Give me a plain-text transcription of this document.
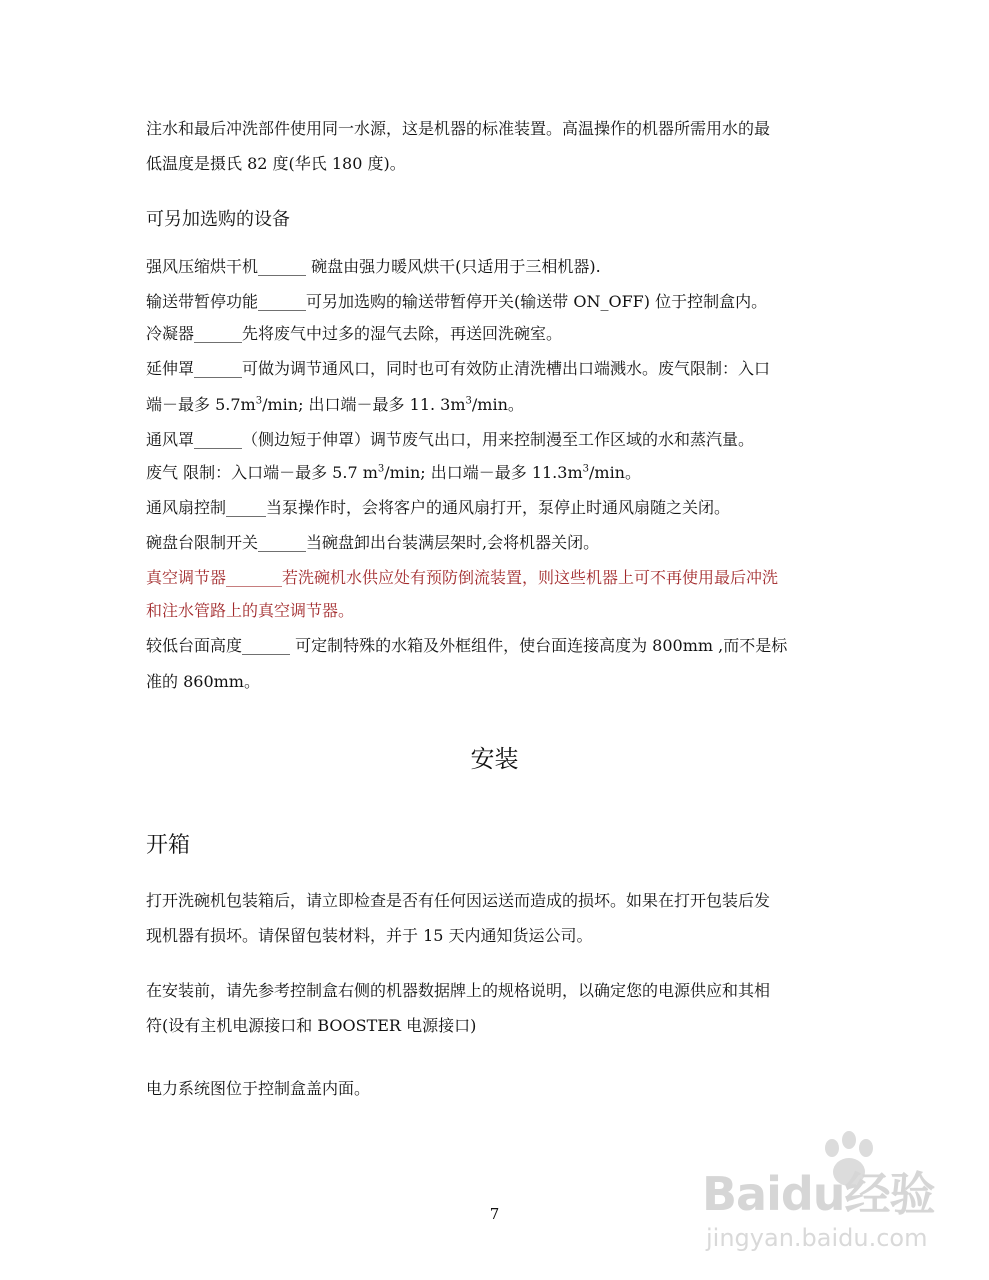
注水和最后冲洗部件使用同一水源，这是机器的标准装置。高温操作的机器所需用水的最
低温度是摄氏 82 度(华氏 180 度)。
可另加选购的设备
强风压缩烘干机______ 碗盘由强力暖风烘干(只适用于三相机器).
输送带暂停功能______可另加选购的输送带暂停开关(输送带 ON_OFF) 位于控制盒内。
冷凝器______先将废气中过多的湿气去除，再送回洗碗室。
延伸罩______可做为调节通风口，同时也可有效防止清洗槽出口端溅水。废气限制：入口
端－最多 $5.7m^3/\min$; 出口端－最多 11. $3m^3/\min$。
通风罩______（侧边短于伸罩）调节废气出口，用来控制漫至工作区域的水和蒸汽量。
废气 限制：入口端－最多 5.7 $m^3/\min$; 出口端－最多 $11.3m^3/\min$。
通风扇控制_____当泵操作时，会将客户的通风扇打开，泵停止时通风扇随之关闭。
碗盘台限制开关______当碗盘卸出台装满层架时,会将机器关闭。
真空调节器_______若洗碗机水供应处有预防倒流装置，则这些机器上可不再使用最后冲洗
和注水管路上的真空调节器。
较低台面高度______ 可定制特殊的水箱及外框组件，使台面连接高度为 800mm ,而不是标
准的 860mm。
安装
开箱
打开洗碗机包装箱后，请立即检查是否有任何因运送而造成的损坏。如果在打开包装后发
现机器有损坏。请保留包装材料，并于 15 天内通知货运公司。
在安装前，请先参考控制盒右侧的机器数据牌上的规格说明，以确定您的电源供应和其相
符(设有主机电源接口和 BOOSTER 电源接口)
电力系统图位于控制盒盖内面。
7	Baidu经验
jingyan.baidu.com
